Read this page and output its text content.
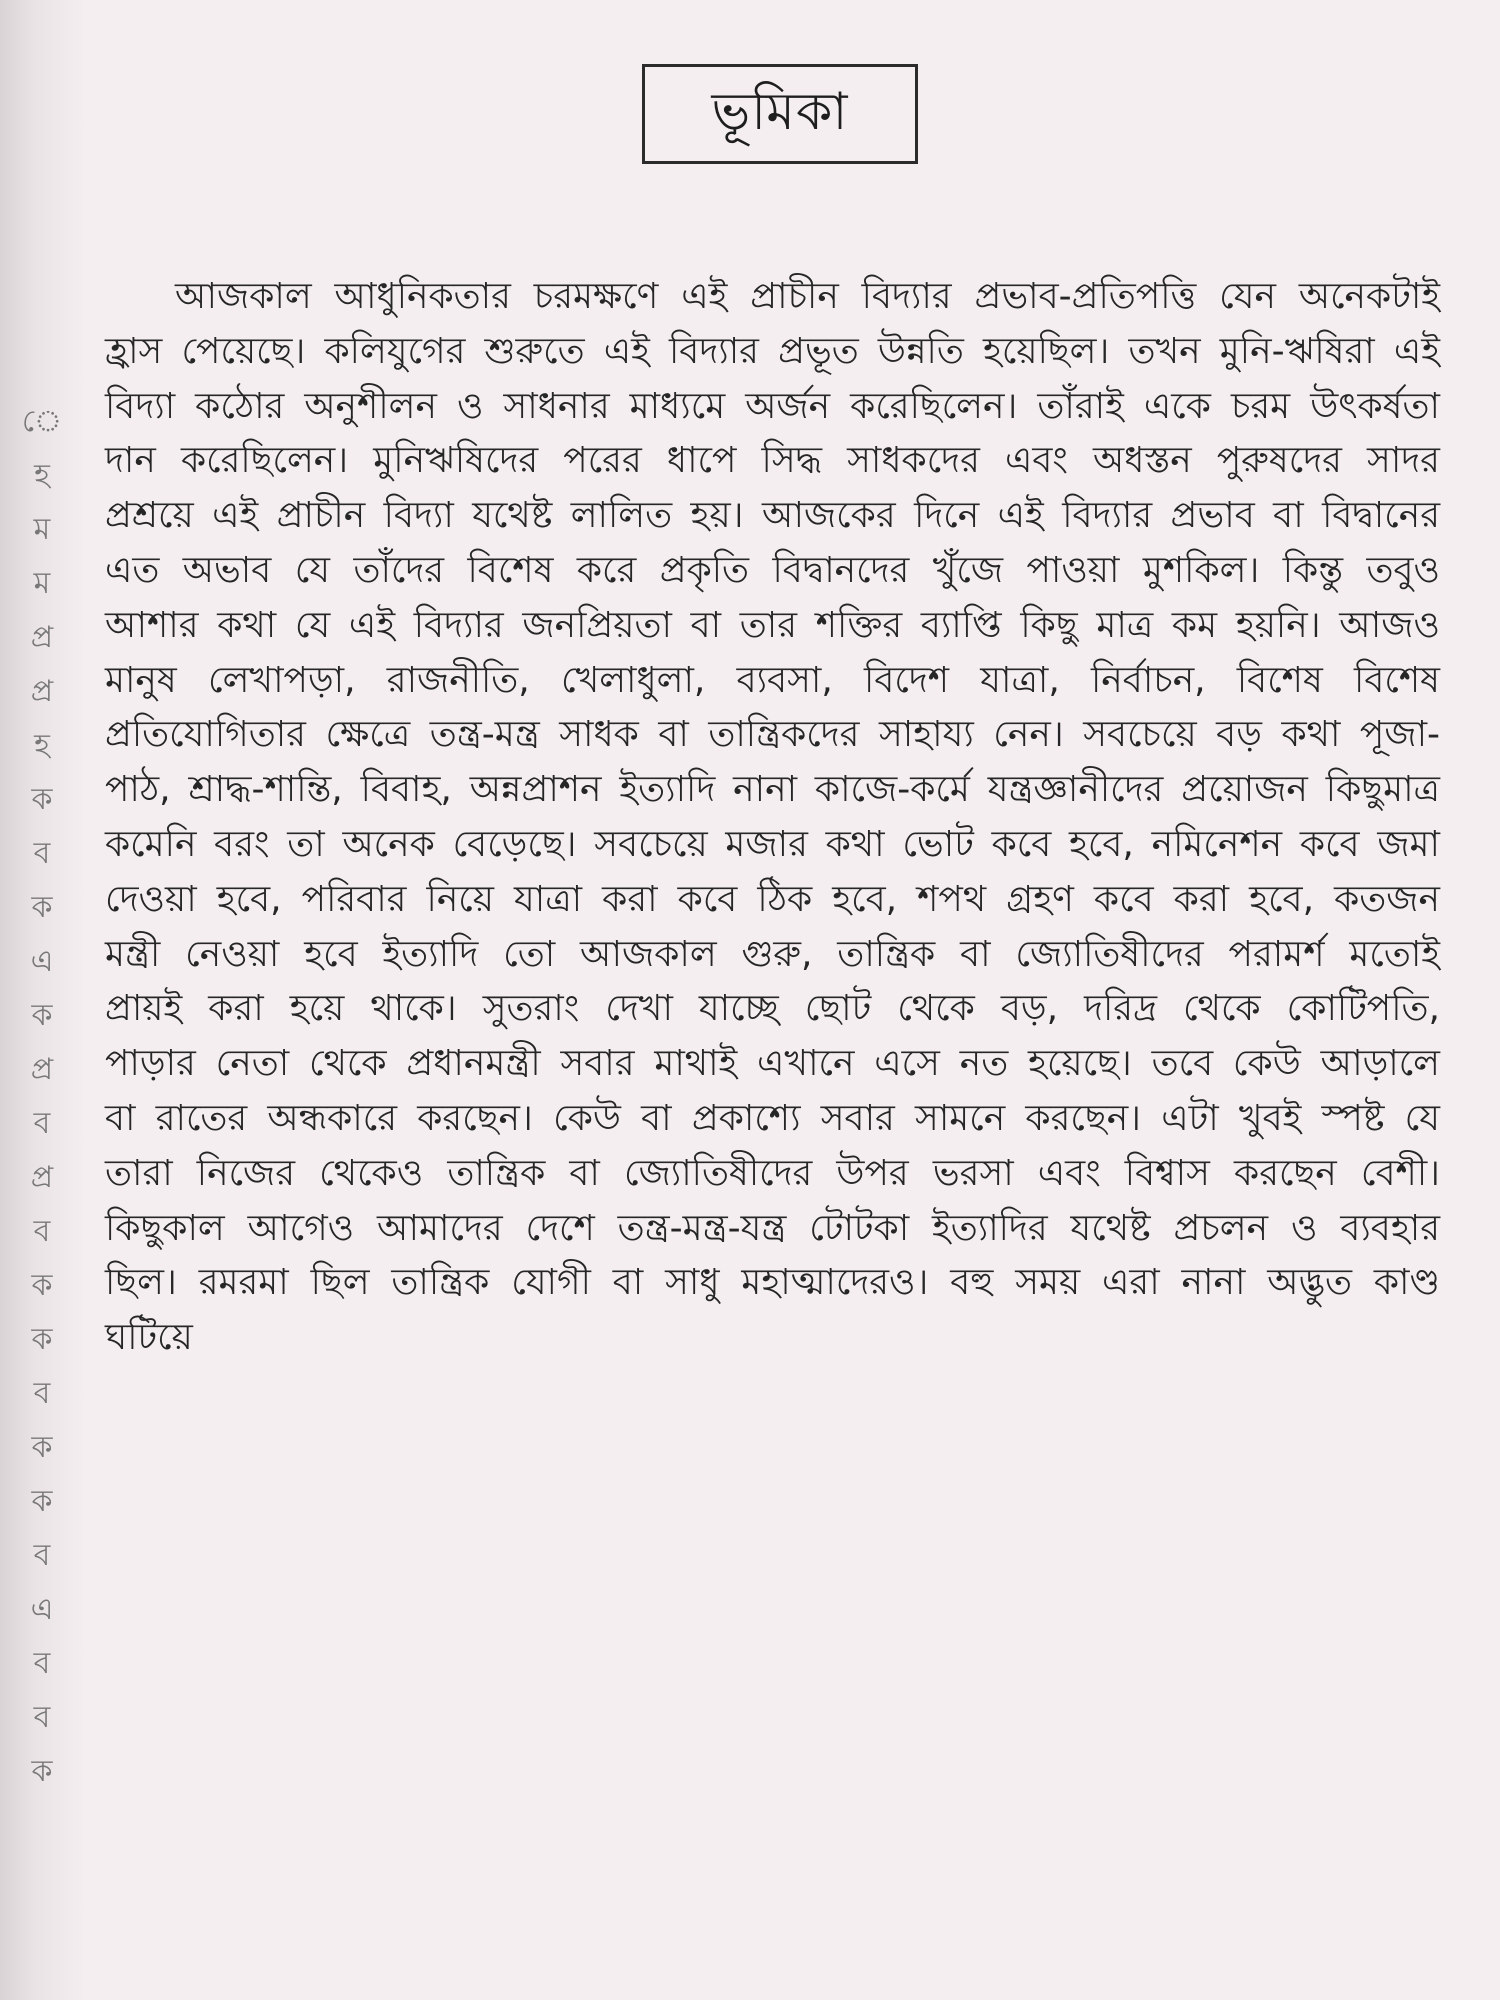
ে
হ
ম
ম
প্র
প্র
হ
ক
ব
ক
এ
ক
প্র
ব
প্র
ব
ক
ক
ব
ক
ক
ব
এ
ব
ব
ক
ভূমিকা

আজকাল আধুনিকতার চরমক্ষণে এই প্রাচীন বিদ্যার প্রভাব-প্রতিপত্তি যেন অনেকটাই হ্রাস পেয়েছে। কলিযুগের শুরুতে এই বিদ্যার প্রভূত উন্নতি হয়েছিল। তখন মুনি-ঋষিরা এই বিদ্যা কঠোর অনুশীলন ও সাধনার মাধ্যমে অর্জন করেছিলেন। তাঁরাই একে চরম উৎকর্ষতা দান করেছিলেন। মুনিঋষিদের পরের ধাপে সিদ্ধ সাধকদের এবং অধস্তন পুরুষদের সাদর প্রশ্রয়ে এই প্রাচীন বিদ্যা যথেষ্ট লালিত হয়। আজকের দিনে এই বিদ্যার প্রভাব বা বিদ্বানের এত অভাব যে তাঁদের বিশেষ করে প্রকৃতি বিদ্বানদের খুঁজে পাওয়া মুশকিল। কিন্তু তবুও আশার কথা যে এই বিদ্যার জনপ্রিয়তা বা তার শক্তির ব্যাপ্তি কিছু মাত্র কম হয়নি। আজও মানুষ লেখাপড়া, রাজনীতি, খেলাধুলা, ব্যবসা, বিদেশ যাত্রা, নির্বাচন, বিশেষ বিশেষ প্রতিযোগিতার ক্ষেত্রে তন্ত্র-মন্ত্র সাধক বা তান্ত্রিকদের সাহায্য নেন। সবচেয়ে বড় কথা পূজা-পাঠ, শ্রাদ্ধ-শান্তি, বিবাহ, অন্নপ্রাশন ইত্যাদি নানা কাজে-কর্মে যন্ত্রজ্ঞানীদের প্রয়োজন কিছুমাত্র কমেনি বরং তা অনেক বেড়েছে। সবচেয়ে মজার কথা ভোট কবে হবে, নমিনেশন কবে জমা দেওয়া হবে, পরিবার নিয়ে যাত্রা করা কবে ঠিক হবে, শপথ গ্রহণ কবে করা হবে, কতজন মন্ত্রী নেওয়া হবে ইত্যাদি তো আজকাল গুরু, তান্ত্রিক বা জ্যোতিষীদের পরামর্শ মতোই প্রায়ই করা হয়ে থাকে। সুতরাং দেখা যাচ্ছে ছোট থেকে বড়, দরিদ্র থেকে কোটিপতি, পাড়ার নেতা থেকে প্রধানমন্ত্রী সবার মাথাই এখানে এসে নত হয়েছে। তবে কেউ আড়ালে বা রাতের অন্ধকারে করছেন। কেউ বা প্রকাশ্যে সবার সামনে করছেন। এটা খুবই স্পষ্ট যে তারা নিজের থেকেও তান্ত্রিক বা জ্যোতিষীদের উপর ভরসা এবং বিশ্বাস করছেন বেশী। কিছুকাল আগেও আমাদের দেশে তন্ত্র-মন্ত্র-যন্ত্র টোটকা ইত্যাদির যথেষ্ট প্রচলন ও ব্যবহার ছিল। রমরমা ছিল তান্ত্রিক যোগী বা সাধু মহাত্মাদেরও। বহু সময় এরা নানা অদ্ভুত কাণ্ড ঘটিয়ে
